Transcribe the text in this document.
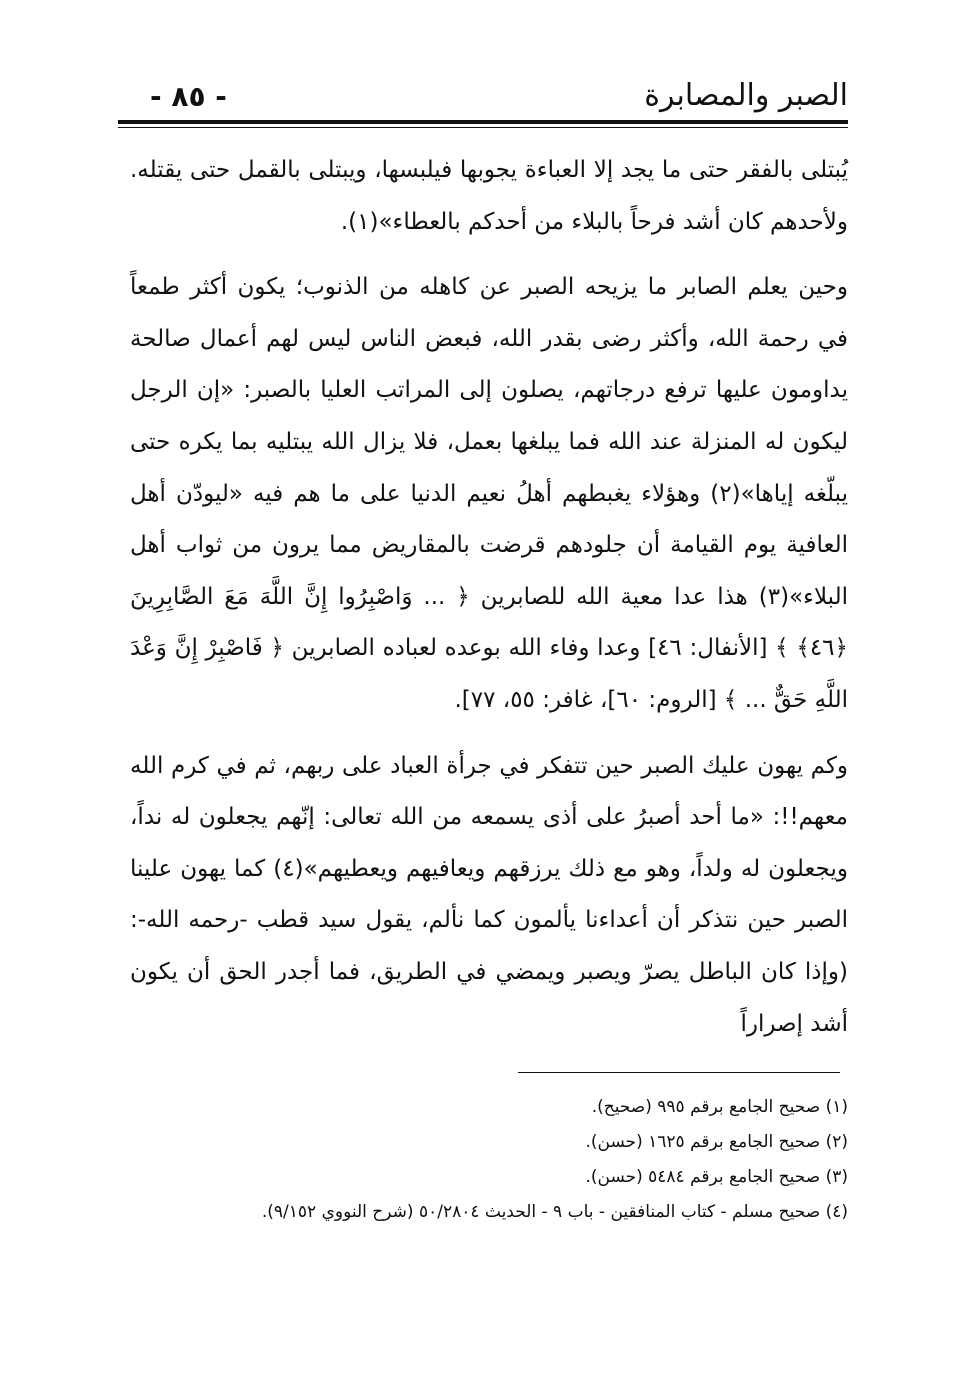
الصبر والمصابرة
- ٨٥ -

يُبتلى بالفقر حتى ما يجد إلا العباءة يجوبها فيلبسها، ويبتلى بالقمل حتى يقتله. ولأحدهم كان أشد فرحاً بالبلاء من أحدكم بالعطاء»(١).

وحين يعلم الصابر ما يزيحه الصبر عن كاهله من الذنوب؛ يكون أكثر طمعاً في رحمة الله، وأكثر رضى بقدر الله، فبعض الناس ليس لهم أعمال صالحة يداومون عليها ترفع درجاتهم، يصلون إلى المراتب العليا بالصبر: «إن الرجل ليكون له المنزلة عند الله فما يبلغها بعمل، فلا يزال الله يبتليه بما يكره حتى يبلّغه إياها»(٢) وهؤلاء يغبطهم أهلُ نعيم الدنيا على ما هم فيه «ليودّن أهل العافية يوم القيامة أن جلودهم قرضت بالمقاريض مما يرون من ثواب أهل البلاء»(٣) هذا عدا معية الله للصابرين ﴿ ... وَاصْبِرُوا إِنَّ اللَّهَ مَعَ الصَّابِرِينَ ﴿٤٦﴾ ﴾ [الأنفال: ٤٦] وعدا وفاء الله بوعده لعباده الصابرين ﴿ فَاصْبِرْ إِنَّ وَعْدَ اللَّهِ حَقٌّ ... ﴾ [الروم: ٦٠]، غافر: ٥٥، ٧٧].

وكم يهون عليك الصبر حين تتفكر في جرأة العباد على ربهم، ثم في كرم الله معهم!!: «ما أحد أصبرُ على أذى يسمعه من الله تعالى: إنّهم يجعلون له نداً، ويجعلون له ولداً، وهو مع ذلك يرزقهم ويعافيهم ويعطيهم»(٤) كما يهون علينا الصبر حين نتذكر أن أعداءنا يألمون كما نألم، يقول سيد قطب -رحمه الله-: (وإذا كان الباطل يصرّ ويصبر ويمضي في الطريق، فما أجدر الحق أن يكون أشد إصراراً

(١) صحيح الجامع برقم ٩٩٥ (صحيح).
(٢) صحيح الجامع برقم ١٦٢٥ (حسن).
(٣) صحيح الجامع برقم ٥٤٨٤ (حسن).
(٤) صحيح مسلم - كتاب المنافقين - باب ٩ - الحديث ٥٠/٢٨٠٤ (شرح النووي ٩/١٥٢).
